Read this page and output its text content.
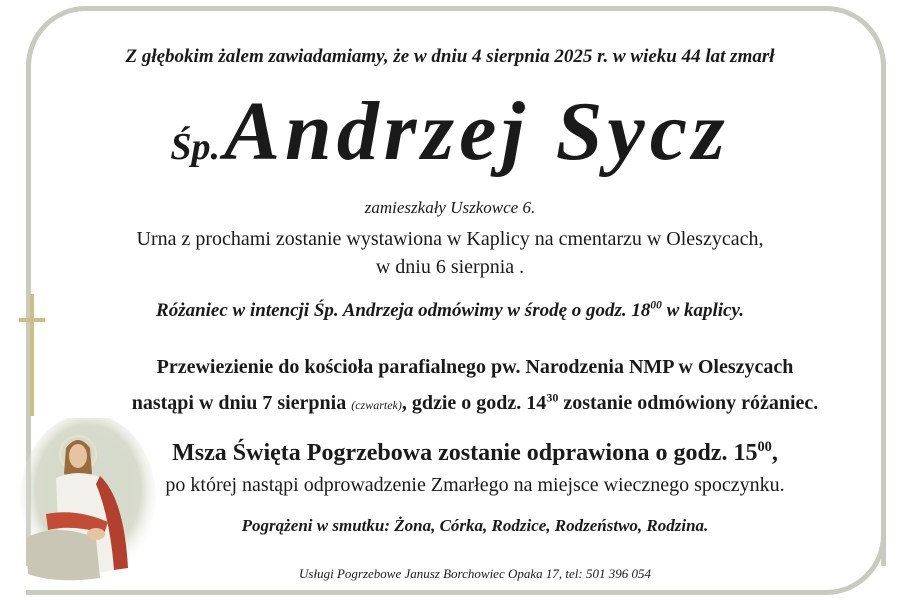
Z głębokim żalem zawiadamiamy, że w dniu 4 sierpnia 2025 r. w wieku 44 lat zmarł
Śp. Andrzej Sycz
zamieszkały Uszkowce 6.
Urna z prochami zostanie wystawiona w Kaplicy na cmentarzu w Oleszycach,
w dniu 6 sierpnia .
Różaniec w intencji Śp. Andrzeja odmówimy w środę o godz. $18^{00}$ w kaplicy.
Przewiezienie do kościoła parafialnego pw. Narodzenia NMP w Oleszycach
nastąpi w dniu 7 sierpnia (czwartek), gdzie o godz. $14^{30}$ zostanie odmówiony różaniec.
Msza Święta Pogrzebowa zostanie odprawiona o godz. $15^{00}$,
po której nastąpi odprowadzenie Zmarłego na miejsce wiecznego spoczynku.
Pogrążeni w smutku: Żona, Córka, Rodzice, Rodzeństwo, Rodzina.
Usługi Pogrzebowe Janusz Borchowiec Opaka 17, tel: 501 396 054
